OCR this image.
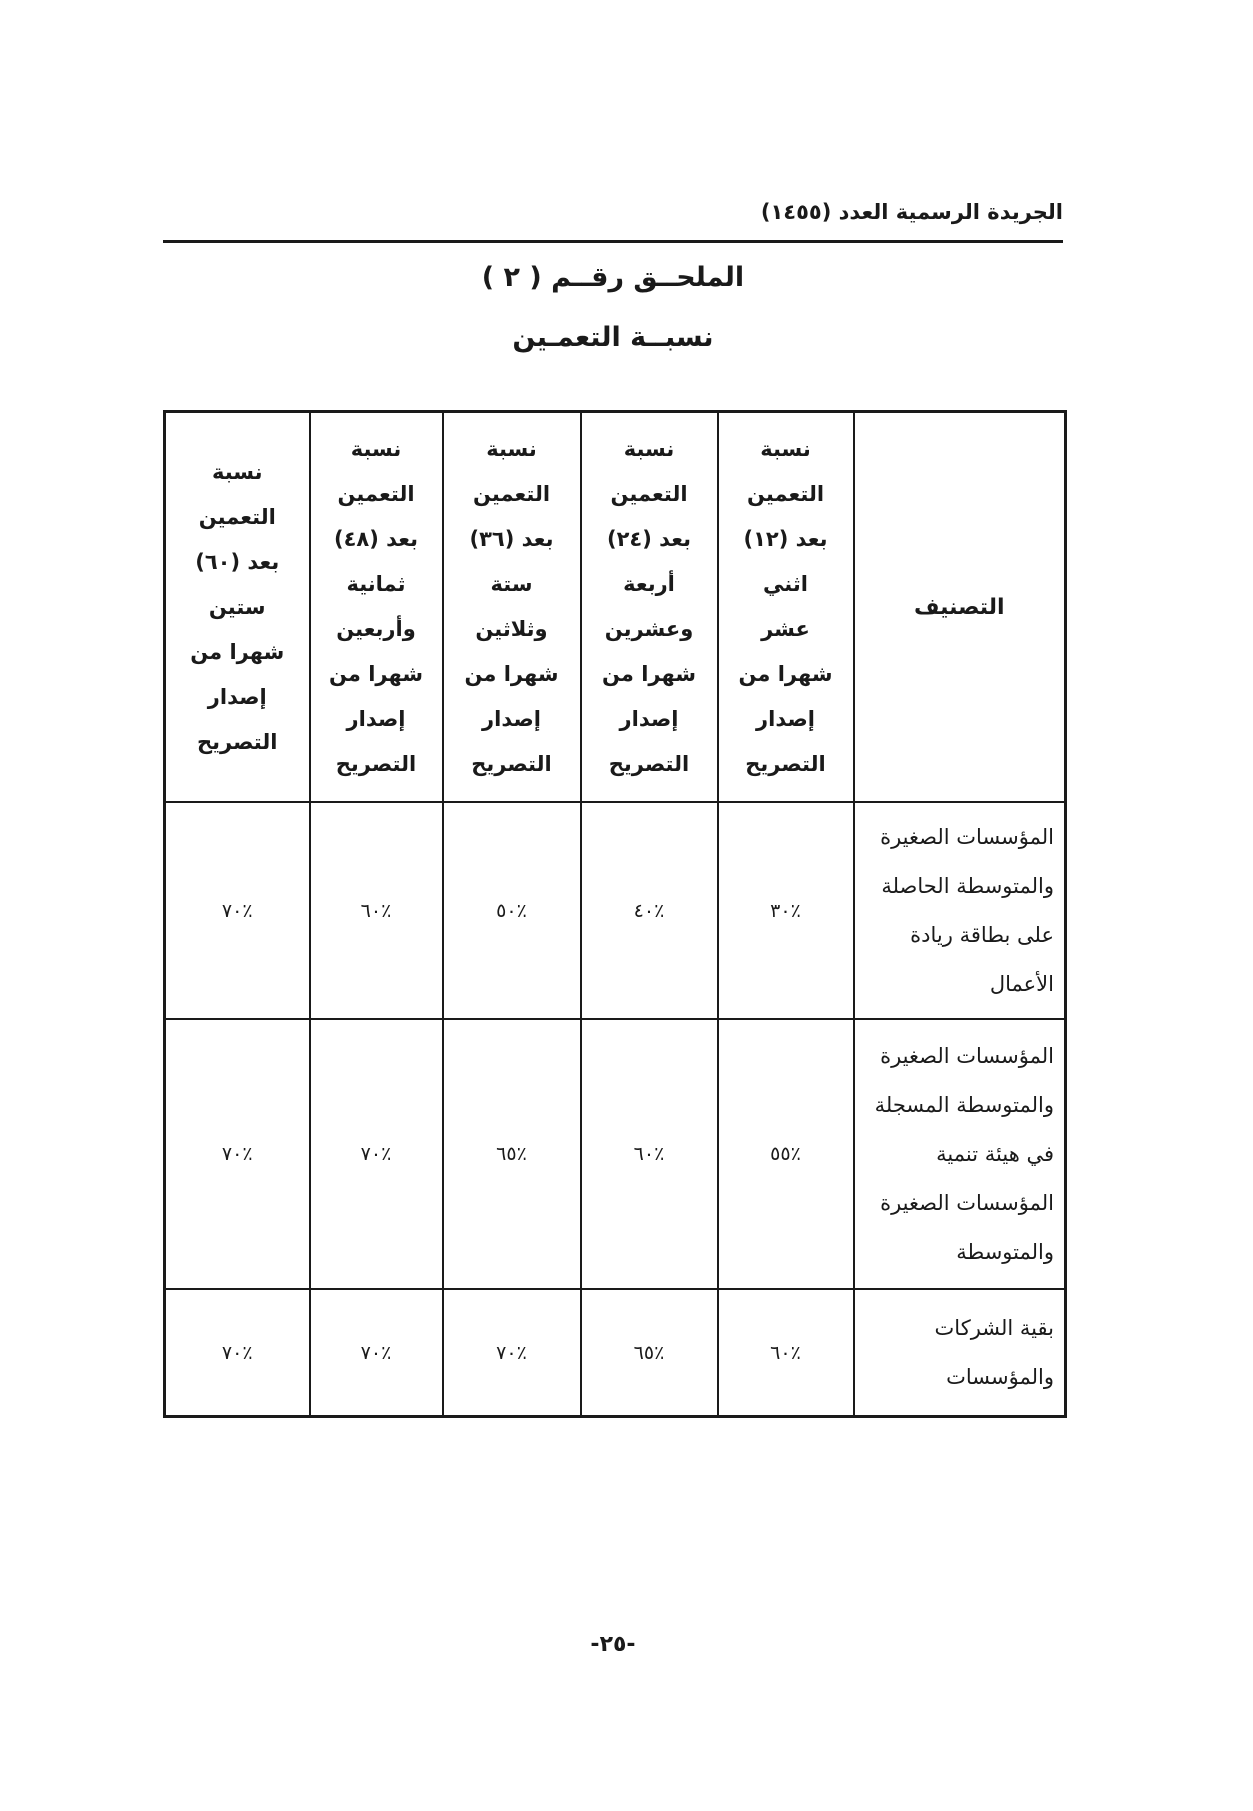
الجريدة الرسمية العدد (١٤٥٥)
الملحــق رقــم ( ٢ )
نسبــة التعمـين
التصنيف	نسبة التعمين بعد (١٢) اثني عشر شهرا من إصدار التصريح	نسبة التعمين بعد (٢٤) أربعة وعشرين شهرا من إصدار التصريح	نسبة التعمين بعد (٣٦) ستة وثلاثين شهرا من إصدار التصريح	نسبة التعمين بعد (٤٨) ثمانية وأربعين شهرا من إصدار التصريح	نسبة التعمين بعد (٦٠) ستين شهرا من إصدار التصريح
المؤسسات الصغيرة والمتوسطة الحاصلة على بطاقة ريادة الأعمال	٪٣٠	٪٤٠	٪٥٠	٪٦٠	٪٧٠
المؤسسات الصغيرة والمتوسطة المسجلة في هيئة تنمية المؤسسات الصغيرة والمتوسطة	٪٥٥	٪٦٠	٪٦٥	٪٧٠	٪٧٠
بقية الشركات والمؤسسات	٪٦٠	٪٦٥	٪٧٠	٪٧٠	٪٧٠
-٢٥-
